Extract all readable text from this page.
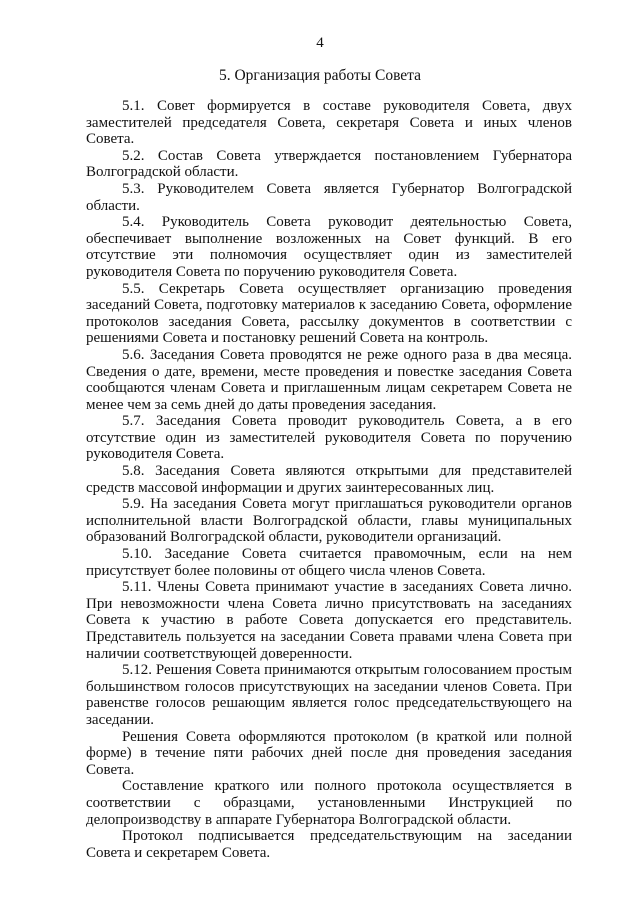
4
5. Организация работы Совета

5.1. Совет формируется в составе руководителя Совета, двух заместителей председателя Совета, секретаря Совета и иных членов Совета.

5.2. Состав Совета утверждается постановлением Губернатора Волгоградской области.

5.3. Руководителем Совета является Губернатор Волгоградской области.

5.4. Руководитель Совета руководит деятельностью Совета, обеспечивает выполнение возложенных на Совет функций. В его отсутствие эти полномочия осуществляет один из заместителей руководителя Совета по поручению руководителя Совета.

5.5. Секретарь Совета осуществляет организацию проведения заседаний Совета, подготовку материалов к заседанию Совета, оформление протоколов заседания Совета, рассылку документов в соответствии с решениями Совета и постановку решений Совета на контроль.

5.6. Заседания Совета проводятся не реже одного раза в два месяца. Сведения о дате, времени, месте проведения и повестке заседания Совета сообщаются членам Совета и приглашенным лицам секретарем Совета не менее чем за семь дней до даты проведения заседания.

5.7. Заседания Совета проводит руководитель Совета, а в его отсутствие один из заместителей руководителя Совета по поручению руководителя Совета.

5.8. Заседания Совета являются открытыми для представителей средств массовой информации и других заинтересованных лиц.

5.9. На заседания Совета могут приглашаться руководители органов исполнительной власти Волгоградской области, главы муниципальных образований Волгоградской области, руководители организаций.

5.10. Заседание Совета считается правомочным, если на нем присутствует более половины от общего числа членов Совета.

5.11. Члены Совета принимают участие в заседаниях Совета лично. При невозможности члена Совета лично присутствовать на заседаниях Совета к участию в работе Совета допускается его представитель. Представитель пользуется на заседании Совета правами члена Совета при наличии соответствующей доверенности.

5.12. Решения Совета принимаются открытым голосованием простым большинством голосов присутствующих на заседании членов Совета. При равенстве голосов решающим является голос председательствующего на заседании.

Решения Совета оформляются протоколом (в краткой или полной форме) в течение пяти рабочих дней после дня проведения заседания Совета.

Составление краткого или полного протокола осуществляется в соответствии с образцами, установленными Инструкцией по делопроизводству в аппарате Губернатора Волгоградской области.

Протокол подписывается председательствующим на заседании Совета и секретарем Совета.
